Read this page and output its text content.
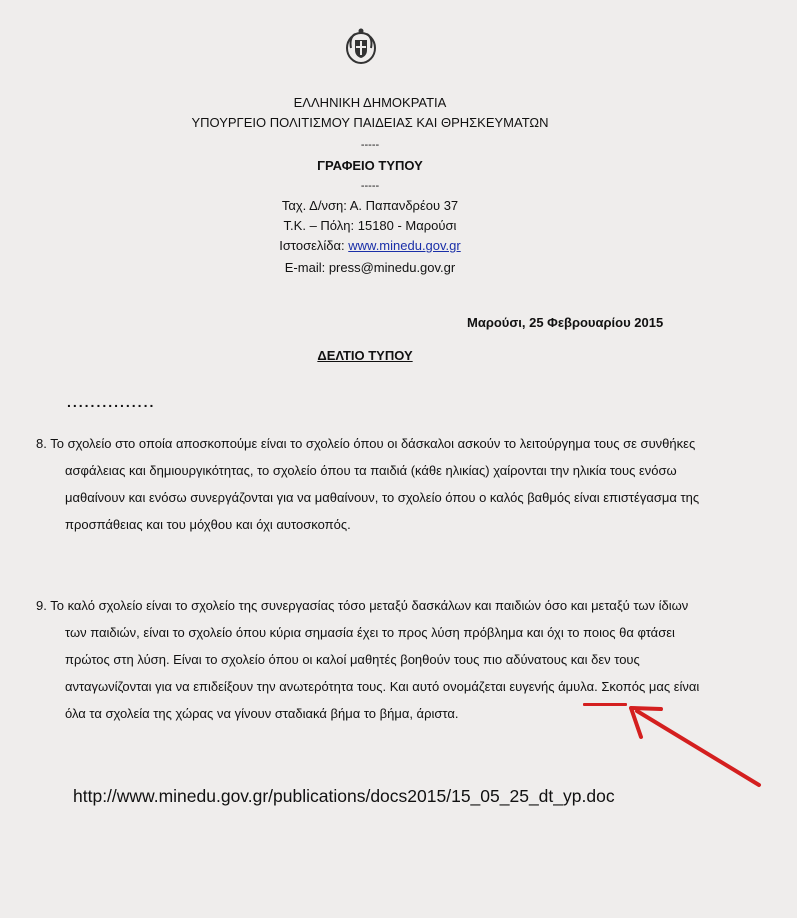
ΕΛΛΗΝΙΚΗ ΔΗΜΟΚΡΑΤΙΑ
ΥΠΟΥΡΓΕΙΟ ΠΟΛΙΤΙΣΜΟΥ ΠΑΙΔΕΙΑΣ ΚΑΙ ΘΡΗΣΚΕΥΜΑΤΩΝ
-----
ΓΡΑΦΕΙΟ ΤΥΠΟΥ
-----
Ταχ. Δ/νση: Α. Παπανδρέου 37
Τ.Κ. – Πόλη: 15180 - Μαρούσι
Ιστοσελίδα: www.minedu.gov.gr
E-mail: press@minedu.gov.gr
Μαρούσι, 25 Φεβρουαρίου 2015
ΔΕΛΤΙΟ ΤΥΠΟΥ
...............
8. Το σχολείο στο οποία αποσκοπούμε είναι το σχολείο όπου οι δάσκαλοι ασκούν το λειτούργημα τους σε συνθήκες
ασφάλειας και δημιουργικότητας, το σχολείο όπου τα παιδιά (κάθε ηλικίας) χαίρονται την ηλικία τους ενόσω
μαθαίνουν και ενόσω συνεργάζονται για να μαθαίνουν, το σχολείο όπου ο καλός βαθμός είναι επιστέγασμα της
προσπάθειας και του μόχθου και όχι αυτοσκοπός.
9. Το καλό σχολείο είναι το σχολείο της συνεργασίας τόσο μεταξύ δασκάλων και παιδιών όσο και μεταξύ των ίδιων
των παιδιών, είναι το σχολείο όπου κύρια σημασία έχει το προς λύση πρόβλημα και όχι το ποιος θα φτάσει
πρώτος στη λύση. Είναι το σχολείο όπου οι καλοί μαθητές βοηθούν τους πιο αδύνατους και δεν τους
ανταγωνίζονται για να επιδείξουν την ανωτερότητα τους. Και αυτό ονομάζεται ευγενής άμυλα. Σκοπός μας είναι
όλα τα σχολεία της χώρας να γίνουν σταδιακά βήμα το βήμα, άριστα.
http://www.minedu.gov.gr/publications/docs2015/15_05_25_dt_yp.doc
